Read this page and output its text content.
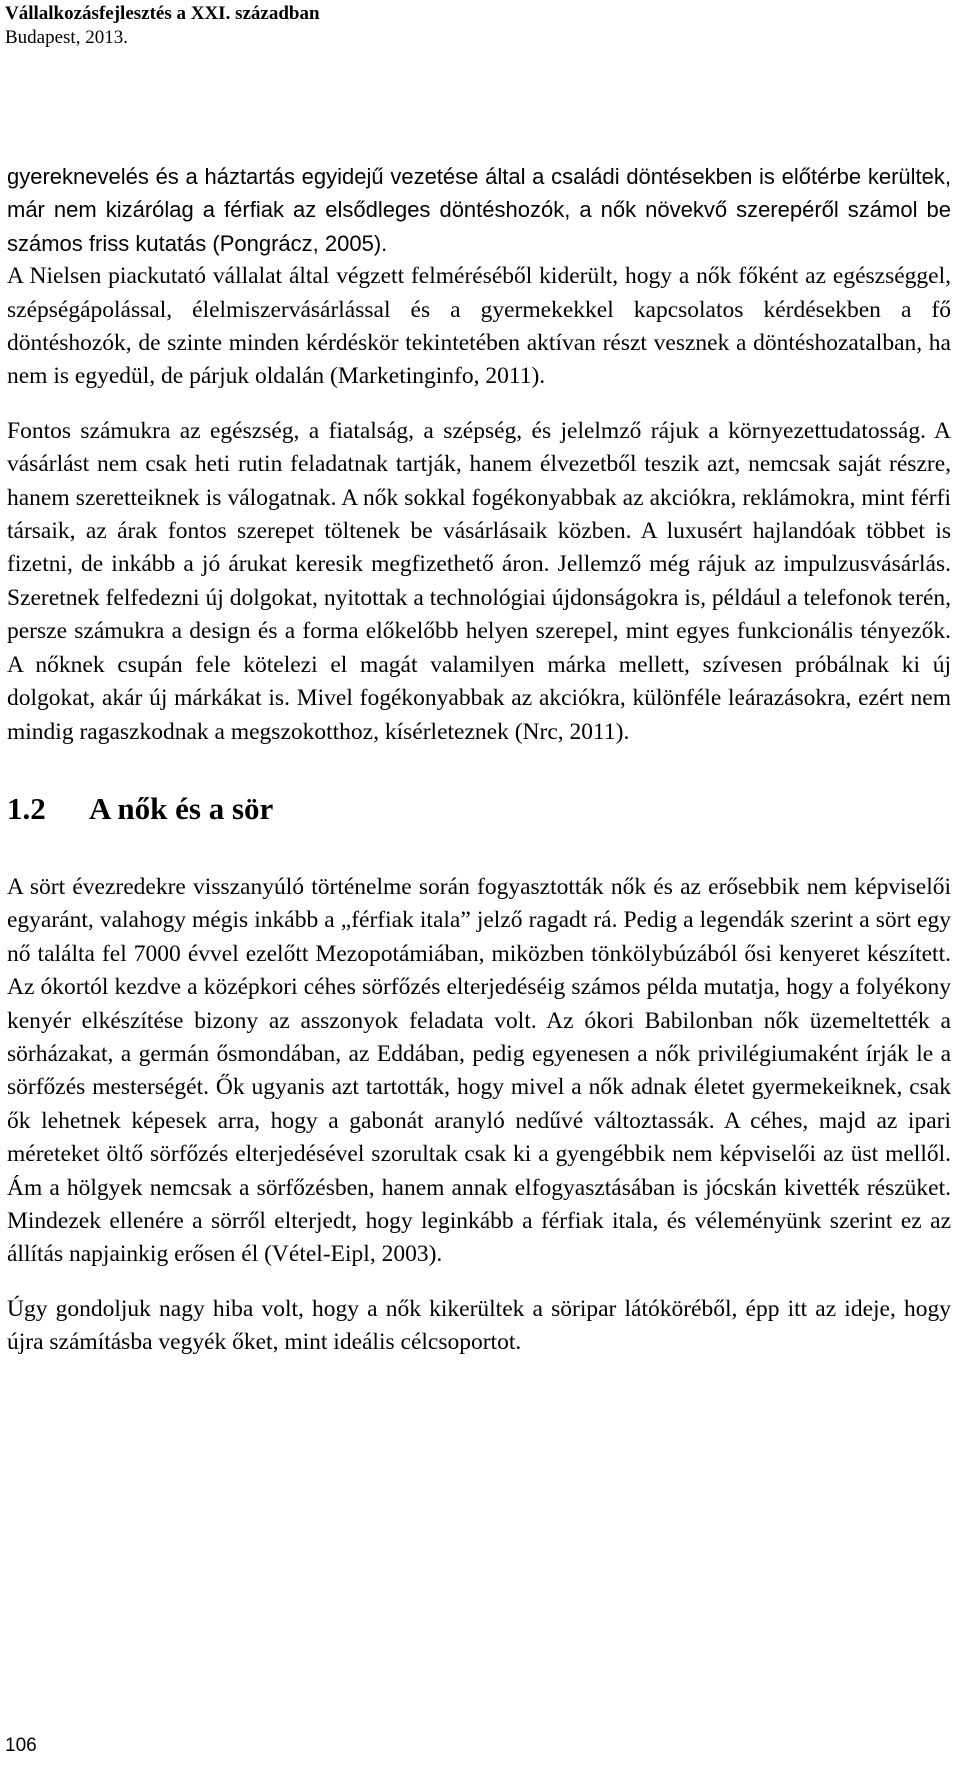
Vállalkozásfejlesztés a XXI. században
Budapest, 2013.

gyereknevelés és a háztartás egyidejű vezetése által a családi döntésekben is előtérbe kerültek, már nem kizárólag a férfiak az elsődleges döntéshozók, a nők növekvő szerepéről számol be számos friss kutatás (Pongrácz, 2005).

A Nielsen piackutató vállalat által végzett felméréséből kiderült, hogy a nők főként az egészséggel, szépségápolással, élelmiszervásárlással és a gyermekekkel kapcsolatos kérdésekben a fő döntéshozók, de szinte minden kérdéskör tekintetében aktívan részt vesznek a döntéshozatalban, ha nem is egyedül, de párjuk oldalán (Marketinginfo, 2011).

Fontos számukra az egészség, a fiatalság, a szépség, és jelelmző rájuk a környezettudatosság. A vásárlást nem csak heti rutin feladatnak tartják, hanem élvezetből teszik azt, nemcsak saját részre, hanem szeretteiknek is válogatnak. A nők sokkal fogékonyabbak az akciókra, reklámokra, mint férfi társaik, az árak fontos szerepet töltenek be vásárlásaik közben. A luxusért hajlandóak többet is fizetni, de inkább a jó árukat keresik megfizethető áron. Jellemző még rájuk az impulzusvásárlás. Szeretnek felfedezni új dolgokat, nyitottak a technológiai újdonságokra is, például a telefonok terén, persze számukra a design és a forma előkelőbb helyen szerepel, mint egyes funkcionális tényezők. A nőknek csupán fele kötelezi el magát valamilyen márka mellett, szívesen próbálnak ki új dolgokat, akár új márkákat is. Mivel fogékonyabbak az akciókra, különféle leárazásokra, ezért nem mindig ragaszkodnak a megszokotthoz, kísérleteznek (Nrc, 2011).

1.2 A nők és a sör

A sört évezredekre visszanyúló történelme során fogyasztották nők és az erősebbik nem képviselői egyaránt, valahogy mégis inkább a „férfiak itala” jelző ragadt rá. Pedig a legendák szerint a sört egy nő találta fel 7000 évvel ezelőtt Mezopotámiában, miközben tönkölybúzából ősi kenyeret készített. Az ókortól kezdve a középkori céhes sörfőzés elterjedéséig számos példa mutatja, hogy a folyékony kenyér elkészítése bizony az asszonyok feladata volt. Az ókori Babilonban nők üzemeltették a sörházakat, a germán ősmondában, az Eddában, pedig egyenesen a nők privilégiumaként írják le a sörfőzés mesterségét. Ők ugyanis azt tartották, hogy mivel a nők adnak életet gyermekeiknek, csak ők lehetnek képesek arra, hogy a gabonát aranyló nedűvé változtassák. A céhes, majd az ipari méreteket öltő sörfőzés elterjedésével szorultak csak ki a gyengébbik nem képviselői az üst mellől. Ám a hölgyek nemcsak a sörfőzésben, hanem annak elfogyasztásában is jócskán kivették részüket. Mindezek ellenére a sörről elterjedt, hogy leginkább a férfiak itala, és véleményünk szerint ez az állítás napjainkig erősen él (Vétel-Eipl, 2003).

Úgy gondoljuk nagy hiba volt, hogy a nők kikerültek a söripar látóköréből, épp itt az ideje, hogy újra számításba vegyék őket, mint ideális célcsoportot.

106
